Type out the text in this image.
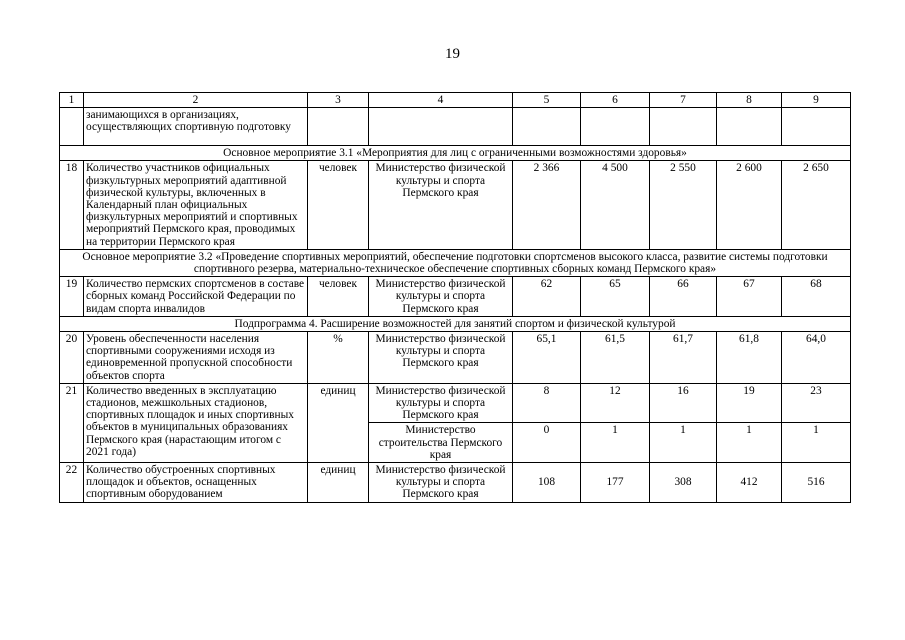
19
1	2	3	4	5	6	7	8	9
	занимающихся в организациях, осуществляющих спортивную подготовку							
Основное мероприятие 3.1 «Мероприятия для лиц с ограниченными возможностями здоровья»								
18	Количество участников официальных физкультурных мероприятий адаптивной физической культуры, включенных в Календарный план официальных физкультурных мероприятий и спортивных мероприятий Пермского края, проводимых на территории Пермского края	человек	Министерство физической культуры и спорта Пермского края	2 366	4 500	2 550	2 600	2 650
Основное мероприятие 3.2 «Проведение спортивных мероприятий, обеспечение подготовки спортсменов высокого класса, развитие системы подготовки спортивного резерва, материально-техническое обеспечение спортивных сборных команд Пермского края»								
19	Количество пермских спортсменов в составе сборных команд Российской Федерации по видам спорта инвалидов	человек	Министерство физической культуры и спорта Пермского края	62	65	66	67	68
Подпрограмма 4. Расширение возможностей для занятий спортом и физической культурой								
20	Уровень обеспеченности населения спортивными сооружениями исходя из единовременной пропускной способности объектов спорта	%	Министерство физической культуры и спорта Пермского края	65,1	61,5	61,7	61,8	64,0
21	Количество введенных в эксплуатацию стадионов, межшкольных стадионов, спортивных площадок и иных спортивных объектов в муниципальных образованиях Пермского края (нарастающим итогом с 2021 года)	единиц	Министерство физической культуры и спорта Пермского края	8	12	16	19	23
			Министерство строительства Пермского края	0	1	1	1	1
22	Количество обустроенных спортивных площадок и объектов, оснащенных спортивным оборудованием	единиц	Министерство физической культуры и спорта Пермского края	108	177	308	412	516
